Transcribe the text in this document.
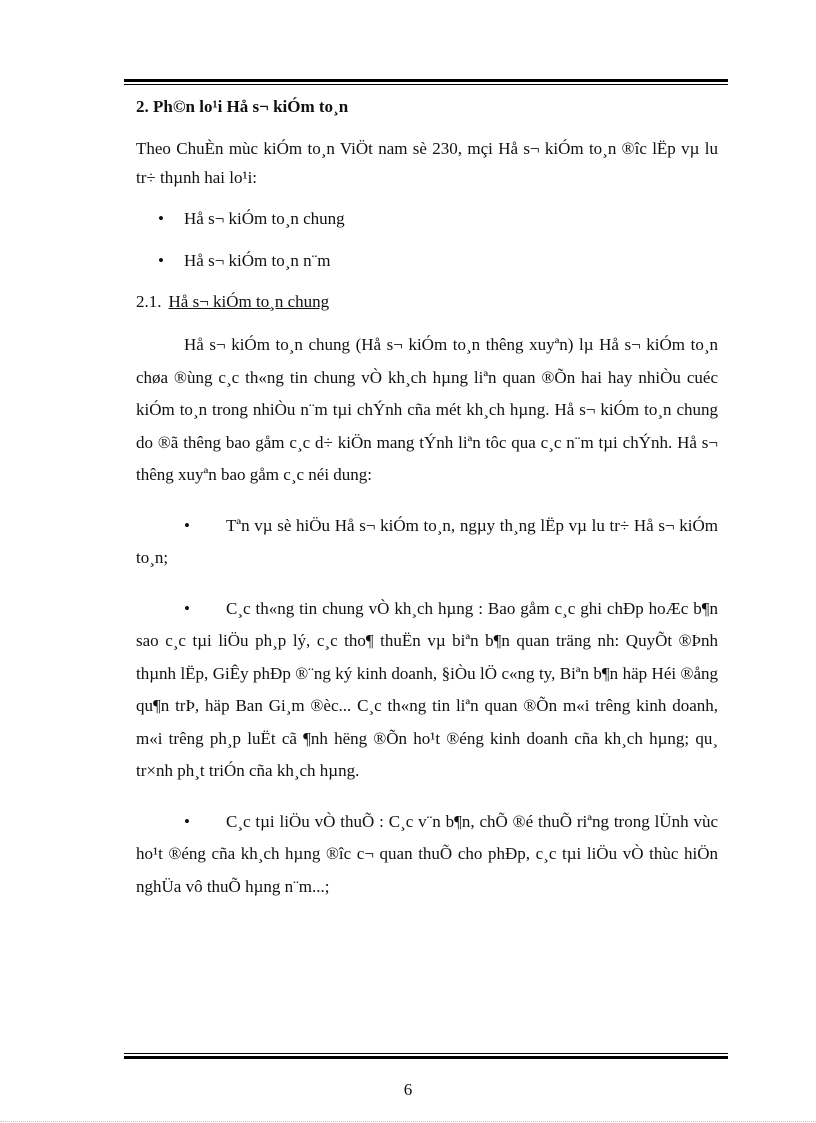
2. Ph©n lo¹i Hå s¬ kiÓm to¸n

Theo ChuÈn mùc kiÓm to¸n ViÖt nam sè 230, mçi Hå s¬ kiÓm to¸n ®îc lËp vµ lu tr÷ thµnh hai lo¹i:

• Hå s¬ kiÓm to¸n chung
• Hå s¬ kiÓm to¸n n¨m
2.1. Hå s¬ kiÓm to¸n chung

Hå s¬ kiÓm to¸n chung (Hå s¬ kiÓm to¸n thêng xuyªn) lµ Hå s¬ kiÓm to¸n chøa ®ùng c¸c th«ng tin chung vÒ kh¸ch hµng liªn quan ®Õn hai hay nhiÒu cuéc kiÓm to¸n trong nhiÒu n¨m tµi chÝnh cña mét kh¸ch hµng. Hå s¬ kiÓm to¸n chung do ®ã thêng bao gåm c¸c d÷ kiÖn mang tÝnh liªn tôc qua c¸c n¨m tµi chÝnh. Hå s¬ thêng xuyªn bao gåm c¸c néi dung:

• Tªn vµ sè hiÖu Hå s¬ kiÓm to¸n, ngµy th¸ng lËp vµ lu tr÷ Hå s¬ kiÓm to¸n;

• C¸c th«ng tin chung vÒ kh¸ch hµng : Bao gåm c¸c ghi chÐp hoÆc b¶n sao c¸c tµi liÖu ph¸p lý, c¸c tho¶ thuËn vµ biªn b¶n quan träng nh: QuyÕt ®Þnh thµnh lËp, GiÊy phÐp ®¨ng ký kinh doanh, §iÒu lÖ c«ng ty, Biªn b¶n häp Héi ®ång qu¶n trÞ, häp Ban Gi¸m ®èc... C¸c th«ng tin liªn quan ®Õn m«i trêng kinh doanh, m«i trêng ph¸p luËt cã ¶nh hëng ®Õn ho¹t ®éng kinh doanh cña kh¸ch hµng; qu¸ tr×nh ph¸t triÓn cña kh¸ch hµng.

• C¸c tµi liÖu vÒ thuÕ : C¸c v¨n b¶n, chÕ ®é thuÕ riªng trong lÜnh vùc ho¹t ®éng cña kh¸ch hµng ®îc c¬ quan thuÕ cho phÐp, c¸c tµi liÖu vÒ thùc hiÖn nghÜa vô thuÕ hµng n¨m...;

6
